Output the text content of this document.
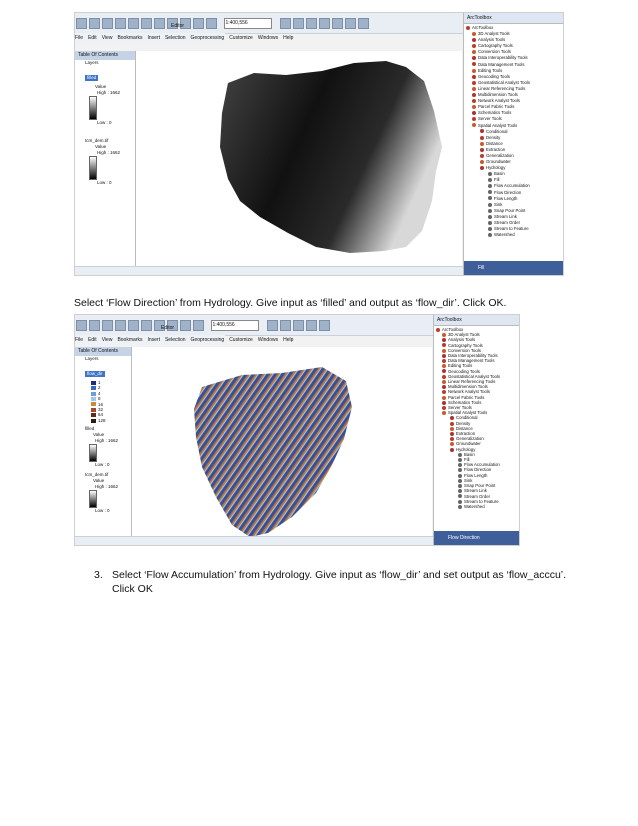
1:400,556
File Edit View Bookmarks Insert Selection Geoprocessing Customize Windows Help
Editor
Table Of Contents
Layers
filled
Value
High : 1662
Low : 0
tcm_dem.tif
Value
High : 1662
Low : 0
ArcToolbox
ArcToolbox
3D Analyst Tools
Analysis Tools
Cartography Tools
Conversion Tools
Data Interoperability Tools
Data Management Tools
Editing Tools
Geocoding Tools
Geostatistical Analyst Tools
Linear Referencing Tools
Multidimension Tools
Network Analyst Tools
Parcel Fabric Tools
Schematics Tools
Server Tools
Spatial Analyst Tools
Conditional
Density
Distance
Extraction
Generalization
Groundwater
Hydrology
Basin
Fill
Flow Accumulation
Flow Direction
Flow Length
Sink
Snap Pour Point
Stream Link
Stream Order
Stream to Feature
Watershed
Fill
Select ‘Flow Direction’ from Hydrology. Give input as ‘filled’ and output as ‘flow_dir’. Click OK.
1:400,556
File Edit View Bookmarks Insert Selection Geoprocessing Customize Windows Help
Editor
Table Of Contents
Layers
flow_dir
1
2
4
8
16
32
64
128
filled
Value
High : 1662
Low : 0
tcm_dem.tif
Value
High : 1662
Low : 0
ArcToolbox
ArcToolbox
3D Analyst Tools
Analysis Tools
Cartography Tools
Conversion Tools
Data Interoperability Tools
Data Management Tools
Editing Tools
Geocoding Tools
Geostatistical Analyst Tools
Linear Referencing Tools
Multidimension Tools
Network Analyst Tools
Parcel Fabric Tools
Schematics Tools
Server Tools
Spatial Analyst Tools
Conditional
Density
Distance
Extraction
Generalization
Groundwater
Hydrology
Basin
Fill
Flow Accumulation
Flow Direction
Flow Length
Sink
Snap Pour Point
Stream Link
Stream Order
Stream to Feature
Watershed
Flow Direction
3. Select ‘Flow Accumulation’ from Hydrology. Give input as ‘flow_dir’ and set output as ‘flow_acccu’. Click OK
